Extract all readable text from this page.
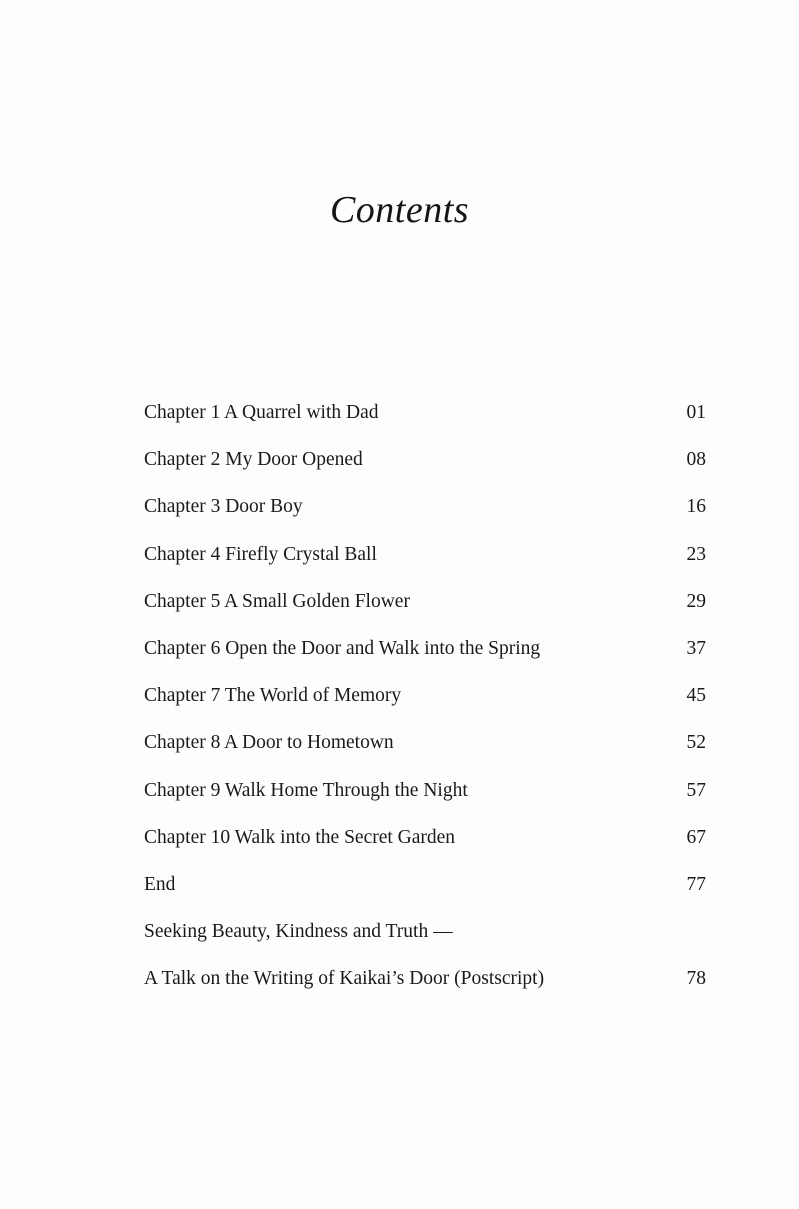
Contents
Chapter 1 A Quarrel with Dad	01
Chapter 2 My Door Opened	08
Chapter 3 Door Boy	16
Chapter 4 Firefly Crystal Ball	23
Chapter 5 A Small Golden Flower	29
Chapter 6 Open the Door and Walk into the Spring	37
Chapter 7 The World of Memory	45
Chapter 8 A Door to Hometown	52
Chapter 9 Walk Home Through the Night	57
Chapter 10 Walk into the Secret Garden	67
End	77
Seeking Beauty, Kindness and Truth —
A Talk on the Writing of Kaikai’s Door (Postscript)	78
